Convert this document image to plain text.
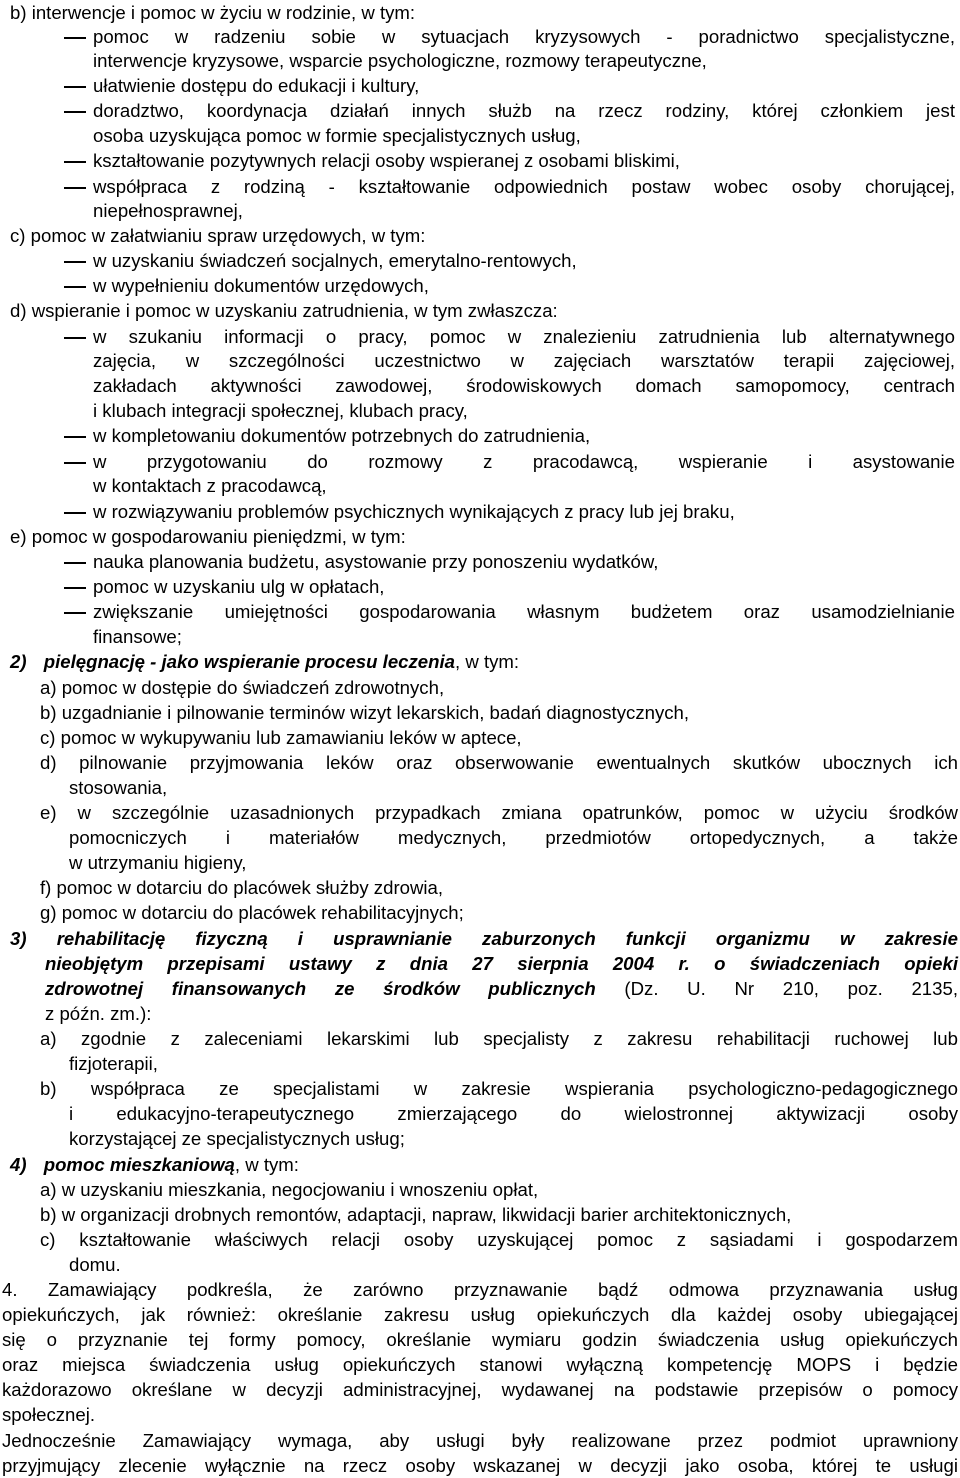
b) interwencje i pomoc w życiu w rodzinie, w tym:
pomoc w radzeniu sobie w sytuacjach kryzysowych - poradnictwo specjalistyczne,
interwencje kryzysowe, wsparcie psychologiczne, rozmowy terapeutyczne,
ułatwienie dostępu do edukacji i kultury,
doradztwo, koordynacja działań innych służb na rzecz rodziny, której członkiem jest
osoba uzyskująca pomoc w formie specjalistycznych usług,
kształtowanie pozytywnych relacji osoby wspieranej z osobami bliskimi,
współpraca z rodziną - kształtowanie odpowiednich postaw wobec osoby chorującej,
niepełnosprawnej,
c) pomoc w załatwianiu spraw urzędowych, w tym:
w uzyskaniu świadczeń socjalnych, emerytalno-rentowych,
w wypełnieniu dokumentów urzędowych,
d) wspieranie i pomoc w uzyskaniu zatrudnienia, w tym zwłaszcza:
w szukaniu informacji o pracy, pomoc w znalezieniu zatrudnienia lub alternatywnego
zajęcia, w szczególności uczestnictwo w zajęciach warsztatów terapii zajęciowej,
zakładach aktywności zawodowej, środowiskowych domach samopomocy, centrach
i klubach integracji społecznej, klubach pracy,
w kompletowaniu dokumentów potrzebnych do zatrudnienia,
w przygotowaniu do rozmowy z pracodawcą, wspieranie i asystowanie
w kontaktach z pracodawcą,
w rozwiązywaniu problemów psychicznych wynikających z pracy lub jej braku,
e) pomoc w gospodarowaniu pieniędzmi, w tym:
nauka planowania budżetu, asystowanie przy ponoszeniu wydatków,
pomoc w uzyskaniu ulg w opłatach,
zwiększanie umiejętności gospodarowania własnym budżetem oraz usamodzielnianie
finansowe;
2) pielęgnację - jako wspieranie procesu leczenia, w tym:
a) pomoc w dostępie do świadczeń zdrowotnych,
b) uzgadnianie i pilnowanie terminów wizyt lekarskich, badań diagnostycznych,
c) pomoc w wykupywaniu lub zamawianiu leków w aptece,
d) pilnowanie przyjmowania leków oraz obserwowanie ewentualnych skutków ubocznych ich
stosowania,
e) w szczególnie uzasadnionych przypadkach zmiana opatrunków, pomoc w użyciu środków
pomocniczych i materiałów medycznych, przedmiotów ortopedycznych, a także
w utrzymaniu higieny,
f) pomoc w dotarciu do placówek służby zdrowia,
g) pomoc w dotarciu do placówek rehabilitacyjnych;
3) rehabilitację fizyczną i usprawnianie zaburzonych funkcji organizmu w zakresie
nieobjętym przepisami ustawy z dnia 27 sierpnia 2004 r. o świadczeniach opieki
zdrowotnej finansowanych ze środków publicznych (Dz. U. Nr 210, poz. 2135,
z późn. zm.):
a) zgodnie z zaleceniami lekarskimi lub specjalisty z zakresu rehabilitacji ruchowej lub
fizjoterapii,
b) współpraca ze specjalistami w zakresie wspierania psychologiczno-pedagogicznego
i edukacyjno-terapeutycznego zmierzającego do wielostronnej aktywizacji osoby
korzystającej ze specjalistycznych usług;
4) pomoc mieszkaniową, w tym:
a) w uzyskaniu mieszkania, negocjowaniu i wnoszeniu opłat,
b) w organizacji drobnych remontów, adaptacji, napraw, likwidacji barier architektonicznych,
c) kształtowanie właściwych relacji osoby uzyskującej pomoc z sąsiadami i gospodarzem
domu.
4. Zamawiający podkreśla, że zarówno przyznawanie bądź odmowa przyznawania usług
opiekuńczych, jak również: określanie zakresu usług opiekuńczych dla każdej osoby ubiegającej
się o przyznanie tej formy pomocy, określanie wymiaru godzin świadczenia usług opiekuńczych
oraz miejsca świadczenia usług opiekuńczych stanowi wyłączną kompetencję MOPS i będzie
każdorazowo określane w decyzji administracyjnej, wydawanej na podstawie przepisów o pomocy
społecznej.
Jednocześnie Zamawiający wymaga, aby usługi były realizowane przez podmiot uprawniony
przyjmujący zlecenie wyłącznie na rzecz osoby wskazanej w decyzji jako osoba, której te usługi
